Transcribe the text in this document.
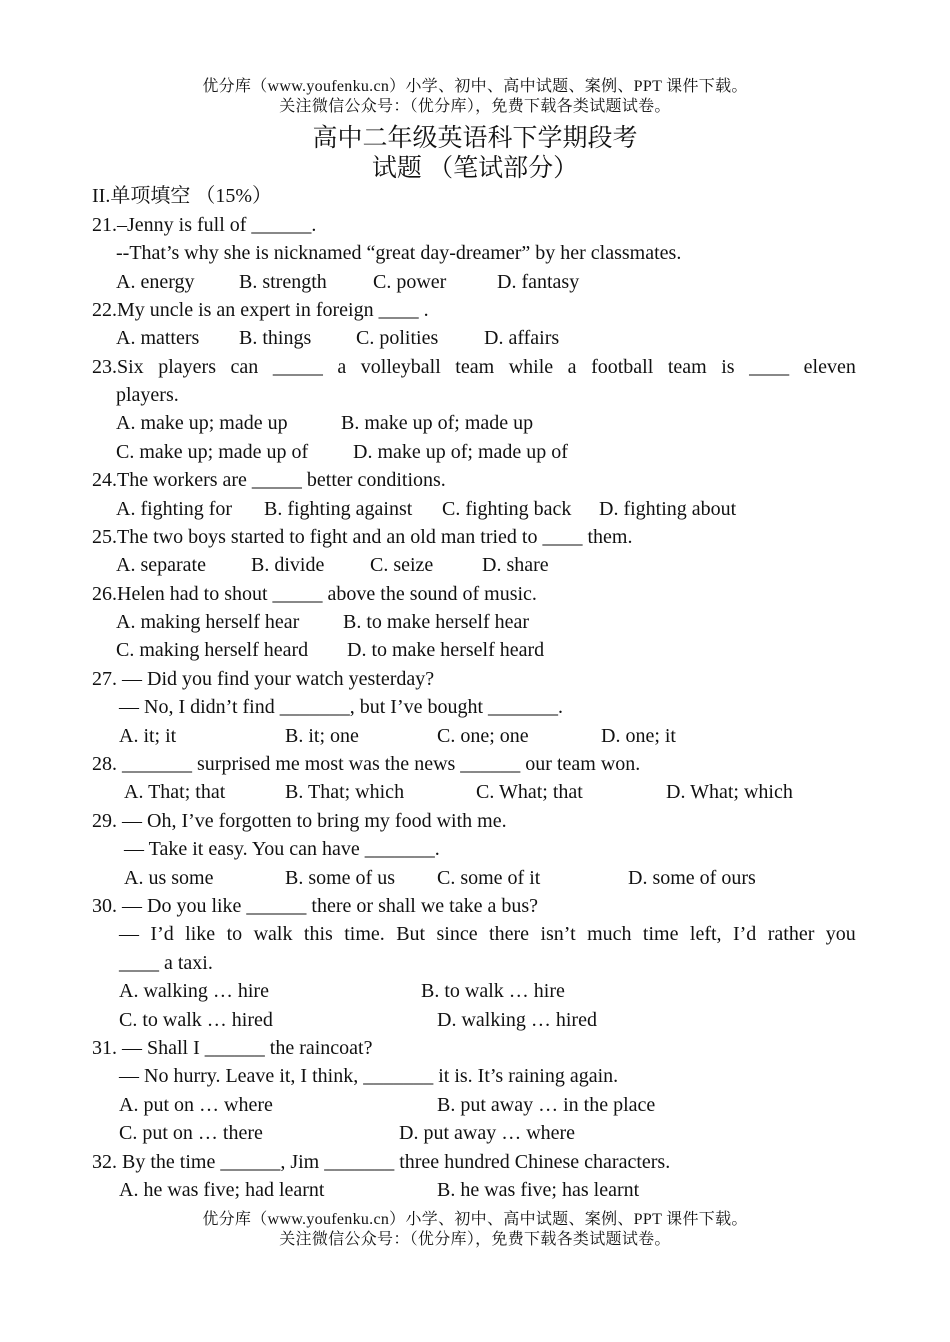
优分库（www.youfenku.cn）小学、初中、高中试题、案例、PPT 课件下载。
关注微信公众号：（优分库），免费下载各类试题试卷。
高中二年级英语科下学期段考
试题 （笔试部分）
II.单项填空 （15%）
21.–Jenny is full of ______.
--That’s why she is nicknamed “great day-dreamer” by her classmates.
A. energy B. strength C. power	D. fantasy
22.My uncle is an expert in foreign ____ .
A. matters B. things C. polities D. affairs
23.Six players can _____ a volleyball team while a football team is ____ eleven
players.
A. make up; made up	B. make up of; made up
C. make up; made up of D. make up of; made up of
24.The workers are _____ better conditions.
A. fighting for B. fighting against C. fighting back D. fighting about
25.The two boys started to fight and an old man tried to ____ them.
A. separate B. divide C. seize D. share
26.Helen had to shout _____ above the sound of music.
A. making herself hear B. to make herself hear
C. making herself heard D. to make herself heard
27. — Did you find your watch yesterday?
— No, I didn’t find _______, but I’ve bought _______.
A. it; it	B. it; one	C. one; one	D. one; it
28. _______ surprised me most was the news ______ our team won.
A. That; that	B. That; which	C. What; that	D. What; which
29. — Oh, I’ve forgotten to bring my food with me.
— Take it easy. You can have _______.
A. us some	B. some of us C. some of it	D. some of ours
30. — Do you like ______ there or shall we take a bus?
— I’d like to walk this time. But since there isn’t much time left, I’d rather you
____ a taxi.
A. walking … hire	B. to walk … hire
C. to walk … hired	D. walking … hired
31. — Shall I ______ the raincoat?
— No hurry. Leave it, I think, _______ it is. It’s raining again.
A. put on … where	B. put away … in the place
C. put on … there	D. put away … where
32. By the time ______, Jim _______ three hundred Chinese characters.
A. he was five; had learnt	B. he was five; has learnt
优分库（www.youfenku.cn）小学、初中、高中试题、案例、PPT 课件下载。
关注微信公众号：（优分库），免费下载各类试题试卷。
